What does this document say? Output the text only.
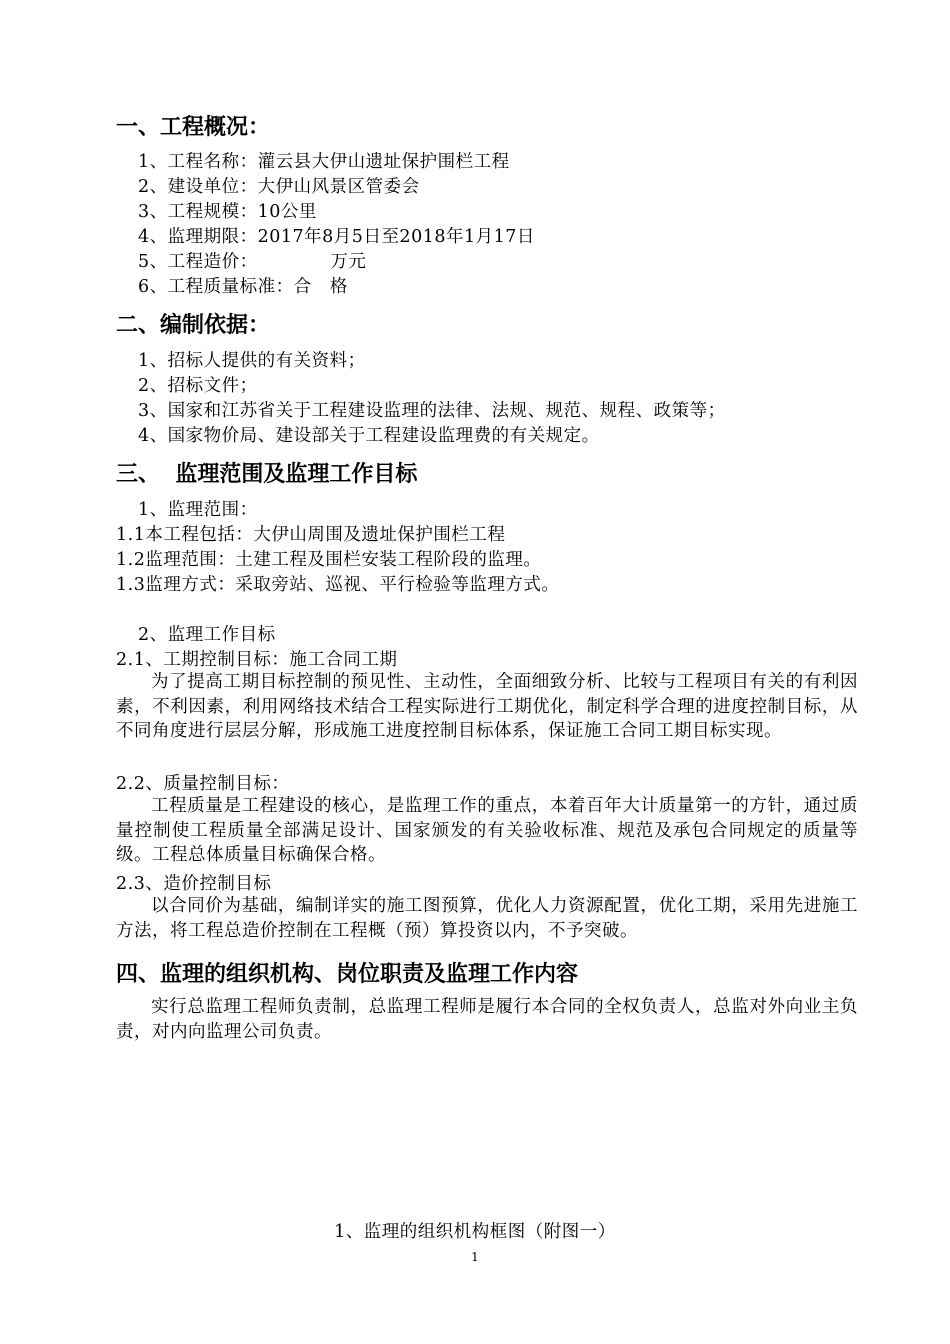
一、工程概况：
1、工程名称：灌云县大伊山遗址保护围栏工程
2、建设单位：大伊山风景区管委会
3、工程规模：10公里
4、监理期限：2017年8月5日至2018年1月17日
5、工程造价：            万元
6、工程质量标准：合   格
二、编制依据：
1、招标人提供的有关资料；
2、招标文件；
3、国家和江苏省关于工程建设监理的法律、法规、规范、规程、政策等；
4、国家物价局、建设部关于工程建设监理费的有关规定。
三、  监理范围及监理工作目标
1、监理范围：
1.1本工程包括：大伊山周围及遗址保护围栏工程
1.2监理范围：土建工程及围栏安装工程阶段的监理。
1.3监理方式：采取旁站、巡视、平行检验等监理方式。
2、监理工作目标
2.1、工期控制目标：施工合同工期
为了提高工期目标控制的预见性、主动性，全面细致分析、比较与工程项目有关的有利因素，不利因素，利用网络技术结合工程实际进行工期优化，制定科学合理的进度控制目标，从不同角度进行层层分解，形成施工进度控制目标体系，保证施工合同工期目标实现。
2.2、质量控制目标：
工程质量是工程建设的核心，是监理工作的重点，本着百年大计质量第一的方针，通过质量控制使工程质量全部满足设计、国家颁发的有关验收标准、规范及承包合同规定的质量等级。工程总体质量目标确保合格。
2.3、造价控制目标
以合同价为基础，编制详实的施工图预算，优化人力资源配置，优化工期，采用先进施工方法，将工程总造价控制在工程概（预）算投资以内，不予突破。
四、监理的组织机构、岗位职责及监理工作内容
实行总监理工程师负责制，总监理工程师是履行本合同的全权负责人，总监对外向业主负责，对内向监理公司负责。
1、监理的组织机构框图（附图一）
1
